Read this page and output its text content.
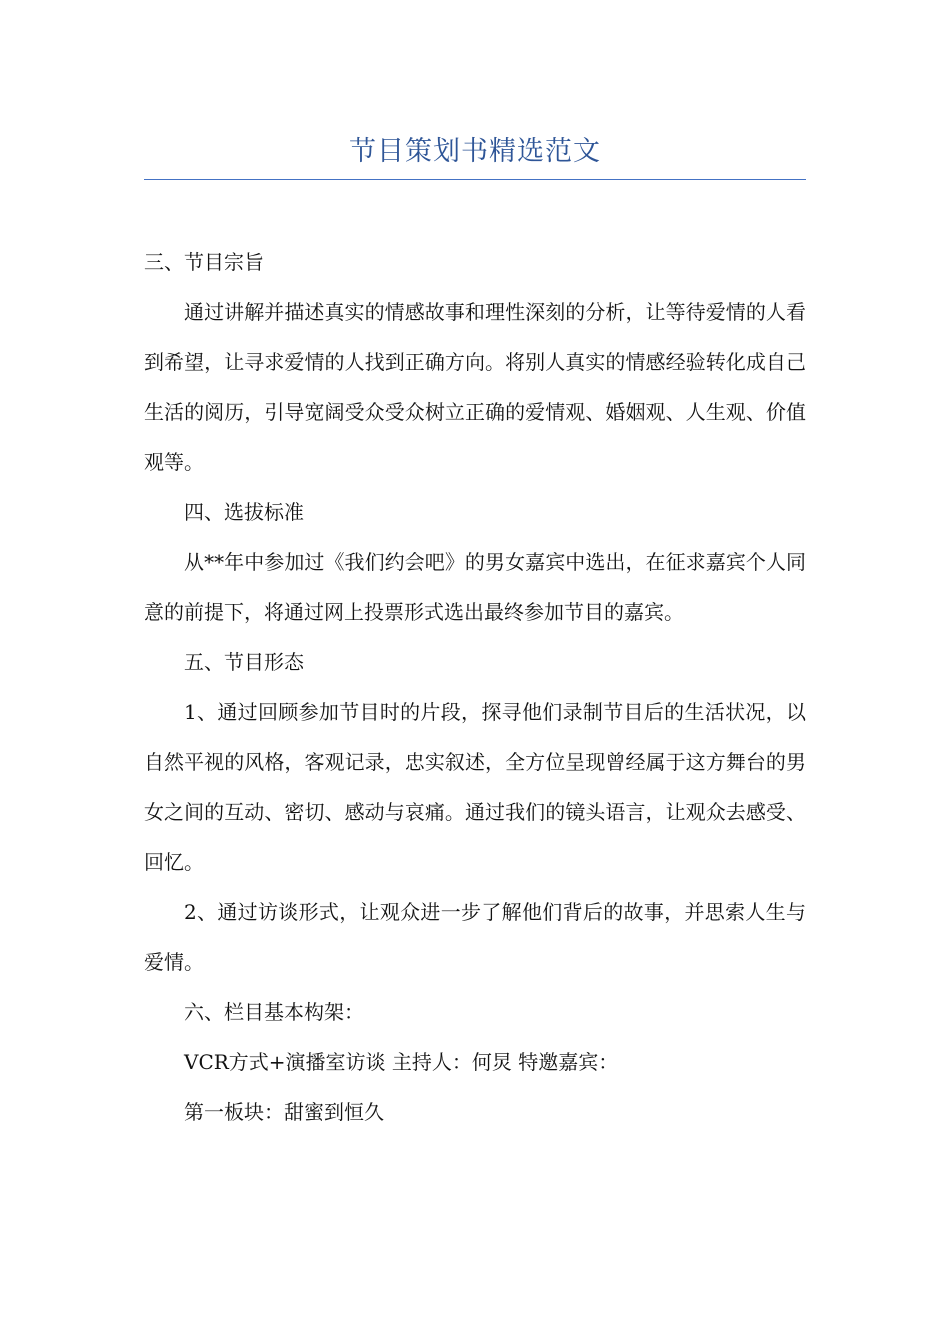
节目策划书精选范文

三、节目宗旨

通过讲解并描述真实的情感故事和理性深刻的分析，让等待爱情的人看到希望，让寻求爱情的人找到正确方向。将别人真实的情感经验转化成自己生活的阅历，引导宽阔受众受众树立正确的爱情观、婚姻观、人生观、价值观等。

四、选拔标准

从**年中参加过《我们约会吧》的男女嘉宾中选出，在征求嘉宾个人同意的前提下，将通过网上投票形式选出最终参加节目的嘉宾。

五、节目形态

1、通过回顾参加节目时的片段，探寻他们录制节目后的生活状况，以自然平视的风格，客观记录，忠实叙述，全方位呈现曾经属于这方舞台的男女之间的互动、密切、感动与哀痛。通过我们的镜头语言，让观众去感受、回忆。

2、通过访谈形式，让观众进一步了解他们背后的故事，并思索人生与爱情。

六、栏目基本构架：

VCR方式+演播室访谈 主持人：何炅 特邀嘉宾：

第一板块：甜蜜到恒久
